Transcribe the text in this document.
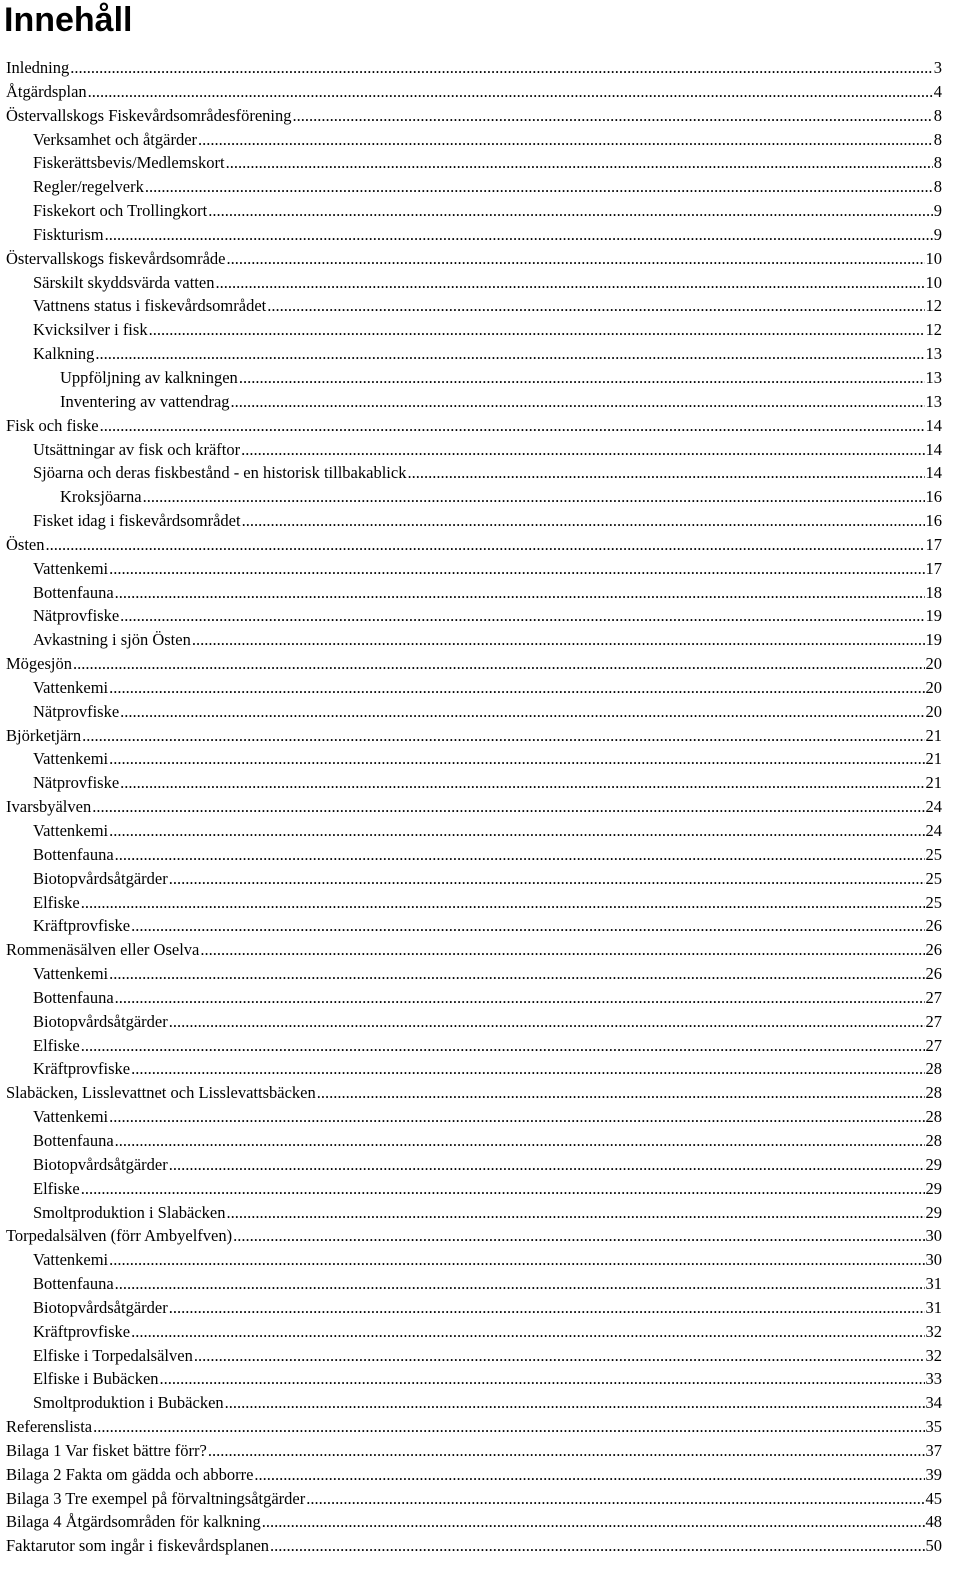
Innehåll
Inledning .....	3
Åtgärdsplan .....	4
Östervallskogs Fiskevårdsområdesförening .....	8
Verksamhet och åtgärder .....	8
Fiskerättsbevis/Medlemskort .....	8
Regler/regelverk .....	8
Fiskekort och Trollingkort .....	9
Fiskturism .....	9
Östervallskogs fiskevårdsområde .....	10
Särskilt skyddsvärda vatten .....	10
Vattnens status i fiskevårdsområdet .....	12
Kvicksilver i fisk .....	12
Kalkning .....	13
Uppföljning av kalkningen .....	13
Inventering av vattendrag .....	13
Fisk och fiske .....	14
Utsättningar av fisk och kräftor .....	14
Sjöarna och deras fiskbestånd - en historisk tillbakablick .....	14
Kroksjöarna .....	16
Fisket idag i fiskevårdsområdet .....	16
Östen .....	17
Vattenkemi .....	17
Bottenfauna .....	18
Nätprovfiske .....	19
Avkastning i sjön Östen .....	19
Mögesjön .....	20
Vattenkemi .....	20
Nätprovfiske .....	20
Björketjärn .....	21
Vattenkemi .....	21
Nätprovfiske .....	21
Ivarsbyälven .....	24
Vattenkemi .....	24
Bottenfauna .....	25
Biotopvårdsåtgärder .....	25
Elfiske .....	25
Kräftprovfiske .....	26
Rommenäsälven eller Oselva .....	26
Vattenkemi .....	26
Bottenfauna .....	27
Biotopvårdsåtgärder .....	27
Elfiske .....	27
Kräftprovfiske .....	28
Slabäcken, Lisslevattnet och Lisslevattsbäcken .....	28
Vattenkemi .....	28
Bottenfauna .....	28
Biotopvårdsåtgärder .....	29
Elfiske .....	29
Smoltproduktion i Slabäcken .....	29
Torpedalsälven (förr Ambyelfven) .....	30
Vattenkemi .....	30
Bottenfauna .....	31
Biotopvårdsåtgärder .....	31
Kräftprovfiske .....	32
Elfiske i Torpedalsälven .....	32
Elfiske i Bubäcken .....	33
Smoltproduktion i Bubäcken .....	34
Referenslista .....	35
Bilaga 1 Var fisket bättre förr? .....	37
Bilaga 2 Fakta om gädda och abborre .....	39
Bilaga 3 Tre exempel på förvaltningsåtgärder .....	45
Bilaga 4 Åtgärdsområden för kalkning .....	48
Faktarutor som ingår i fiskevårdsplanen .....	50
